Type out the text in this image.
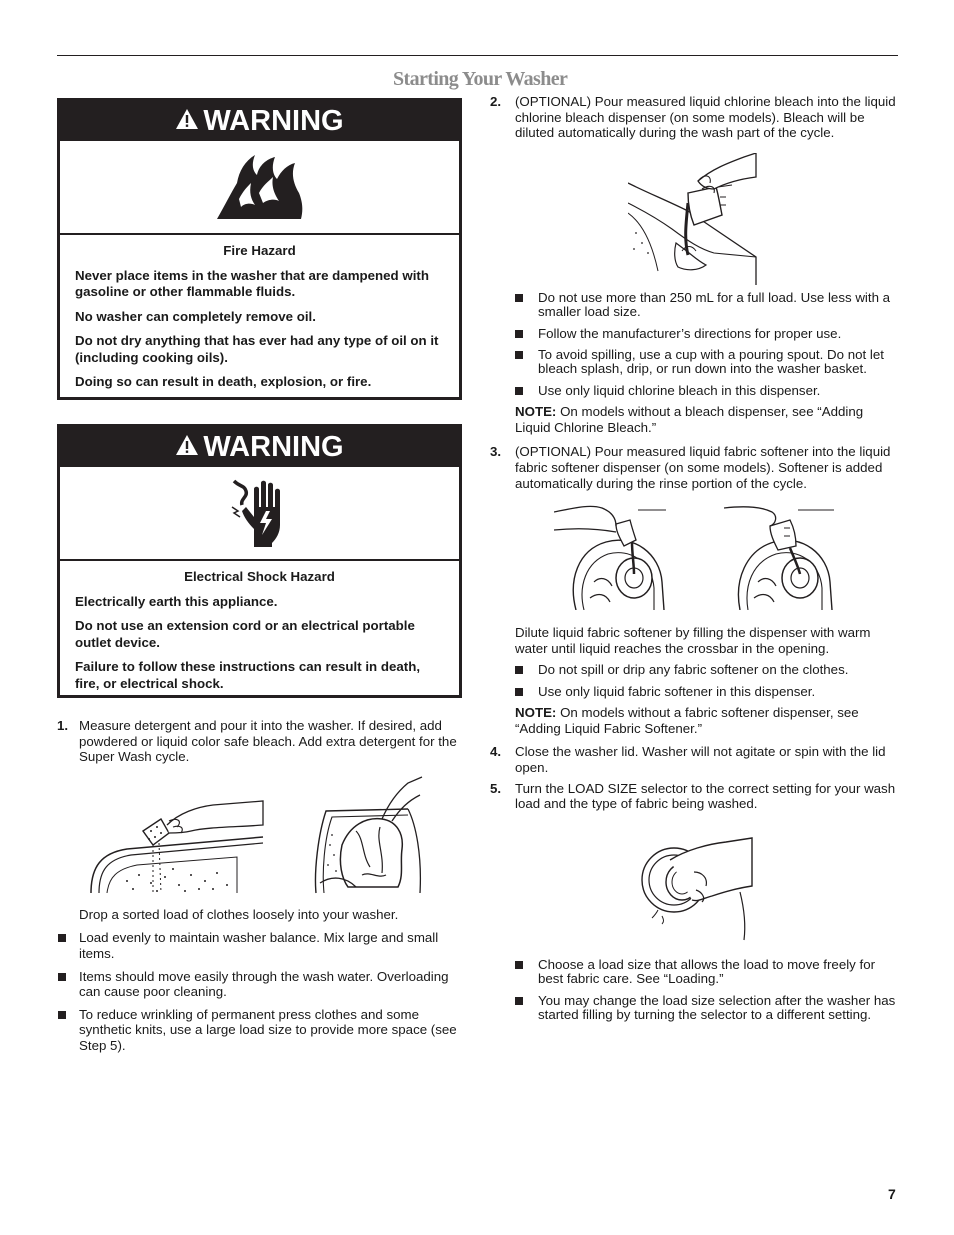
Starting Your Washer
WARNING
Fire Hazard

Never place items in the washer that are dampened with gasoline or other flammable fluids.

No washer can completely remove oil.

Do not dry anything that has ever had any type of oil on it (including cooking oils).

Doing so can result in death, explosion, or fire.

WARNING
Electrical Shock Hazard

Electrically earth this appliance.

Do not use an extension cord or an electrical portable outlet device.

Failure to follow these instructions can result in death, fire, or electrical shock.

1. Measure detergent and pour it into the washer. If desired, add powdered or liquid color safe bleach. Add extra detergent for the Super Wash cycle.

Drop a sorted load of clothes loosely into your washer.

Load evenly to maintain washer balance. Mix large and small items.

Items should move easily through the wash water. Overloading can cause poor cleaning.

To reduce wrinkling of permanent press clothes and some synthetic knits, use a large load size to provide more space (see Step 5).

2. (OPTIONAL) Pour measured liquid chlorine bleach into the liquid chlorine bleach dispenser (on some models). Bleach will be diluted automatically during the wash part of the cycle.

Do not use more than 250 mL for a full load. Use less with a smaller load size.

Follow the manufacturer’s directions for proper use.

To avoid spilling, use a cup with a pouring spout. Do not let bleach splash, drip, or run down into the washer basket.

Use only liquid chlorine bleach in this dispenser.

NOTE: On models without a bleach dispenser, see “Adding Liquid Chlorine Bleach.”

3. (OPTIONAL) Pour measured liquid fabric softener into the liquid fabric softener dispenser (on some models). Softener is added automatically during the rinse portion of the cycle.

Dilute liquid fabric softener by filling the dispenser with warm water until liquid reaches the crossbar in the opening.

Do not spill or drip any fabric softener on the clothes.

Use only liquid fabric softener in this dispenser.

NOTE: On models without a fabric softener dispenser, see “Adding Liquid Fabric Softener.”

4. Close the washer lid. Washer will not agitate or spin with the lid open.

5. Turn the LOAD SIZE selector to the correct setting for your wash load and the type of fabric being washed.

Choose a load size that allows the load to move freely for best fabric care. See “Loading.”

You may change the load size selection after the washer has started filling by turning the selector to a different setting.

7
